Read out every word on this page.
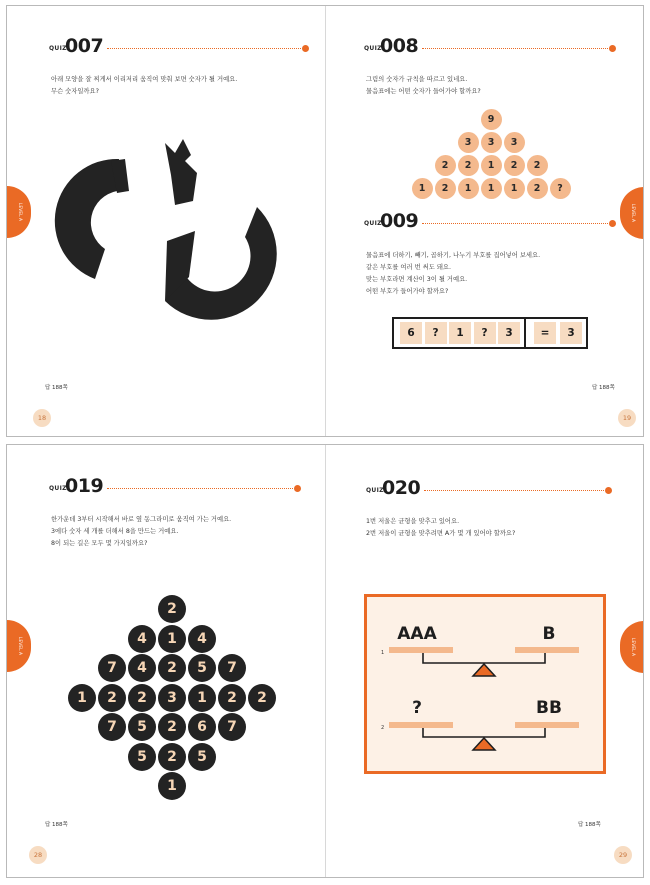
QUIZ
007
아래 모양을 잘 찌게서 이리저리 움직여 맞춰 보면 숫자가 될 거예요.
무슨 숫자일까요?
LEVEL A
답 188쪽
18
QUIZ
008
그림의 숫자가 규칙을 따르고 있네요.
물음표에는 어떤 숫자가 들어가야 할까요?
9
3	3	3
2	2	1	2	2
1	2	1	1	1	2	?
QUIZ
009
물음표에 더하기, 빼기, 곱하기, 나누기 부호를 집어넣어 보세요.
같은 부호를 여러 번 써도 돼요.
맞는 부호라면 계산이 3이 될 거예요.
어떤 부호가 들어가야 할까요?
6	?	1	?	3	=	3
LEVEL A
답 188쪽
19
QUIZ
019
한가운데 3부터 시작해서 바로 옆 동그라미로 움직여 가는 거예요.
3에다 숫자 세 개를 더해서 8을 만드는 거예요.
8이 되는 길은 모두 몇 가지일까요?
2
4	1	4
7	4	2	5	7
1	2	2	3	1	2	2
7	5	2	6	7
5	2	5
1
LEVEL A
답 188쪽
28
QUIZ
020
1번 저울은 균형을 맞추고 있어요.
2번 저울이 균형을 맞추려면 A가 몇 개 있어야 할까요?
AAA	B
1
?	BB
2
LEVEL A
답 188쪽
29
